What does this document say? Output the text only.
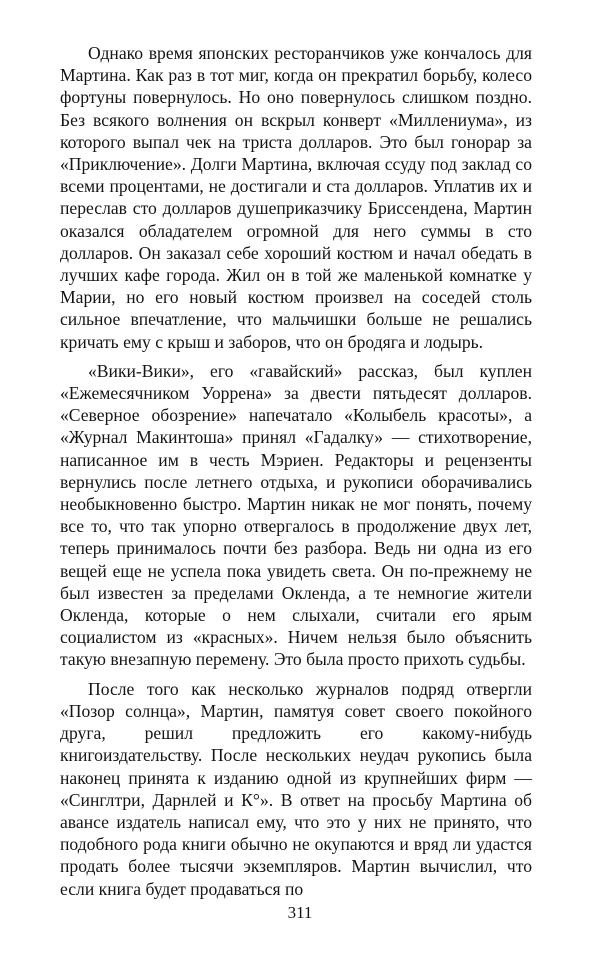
Однако время японских ресторанчиков уже кончалось для Мартина. Как раз в тот миг, когда он прекратил борьбу, колесо фортуны повернулось. Но оно повернулось слишком поздно. Без всякого волнения он вскрыл конверт «Миллениума», из которого выпал чек на триста долларов. Это был гонорар за «Приключение». Долги Мартина, включая ссуду под заклад со всеми процентами, не достигали и ста долларов. Уплатив их и переслав сто долларов душеприказчику Бриссендена, Мартин оказался обладателем огромной для него суммы в сто долларов. Он заказал себе хороший костюм и начал обедать в лучших кафе города. Жил он в той же маленькой комнатке у Марии, но его новый костюм произвел на соседей столь сильное впечатление, что мальчишки больше не решались кричать ему с крыш и заборов, что он бродяга и лодырь.

«Вики-Вики», его «гавайский» рассказ, был куплен «Ежемесячником Уоррена» за двести пятьдесят долларов. «Северное обозрение» напечатало «Колыбель красоты», а «Журнал Макинтоша» принял «Гадалку» — стихотворение, написанное им в честь Мэриен. Редакторы и рецензенты вернулись после летнего отдыха, и рукописи оборачивались необыкновенно быстро. Мартин никак не мог понять, почему все то, что так упорно отвергалось в продолжение двух лет, теперь принималось почти без разбора. Ведь ни одна из его вещей еще не успела пока увидеть света. Он по-прежнему не был известен за пределами Окленда, а те немногие жители Окленда, которые о нем слыхали, считали его ярым социалистом из «красных». Ничем нельзя было объяснить такую внезапную перемену. Это была просто прихоть судьбы.

После того как несколько журналов подряд отвергли «Позор солнца», Мартин, памятуя совет своего покойного друга, решил предложить его какому-нибудь книгоиздательству. После нескольких неудач рукопись была наконец принята к изданию одной из крупнейших фирм — «Синглтри, Дарнлей и К°». В ответ на просьбу Мартина об авансе издатель написал ему, что это у них не принято, что подобного рода книги обычно не окупаются и вряд ли удастся продать более тысячи экземпляров. Мартин вычислил, что если книга будет продаваться по

311
